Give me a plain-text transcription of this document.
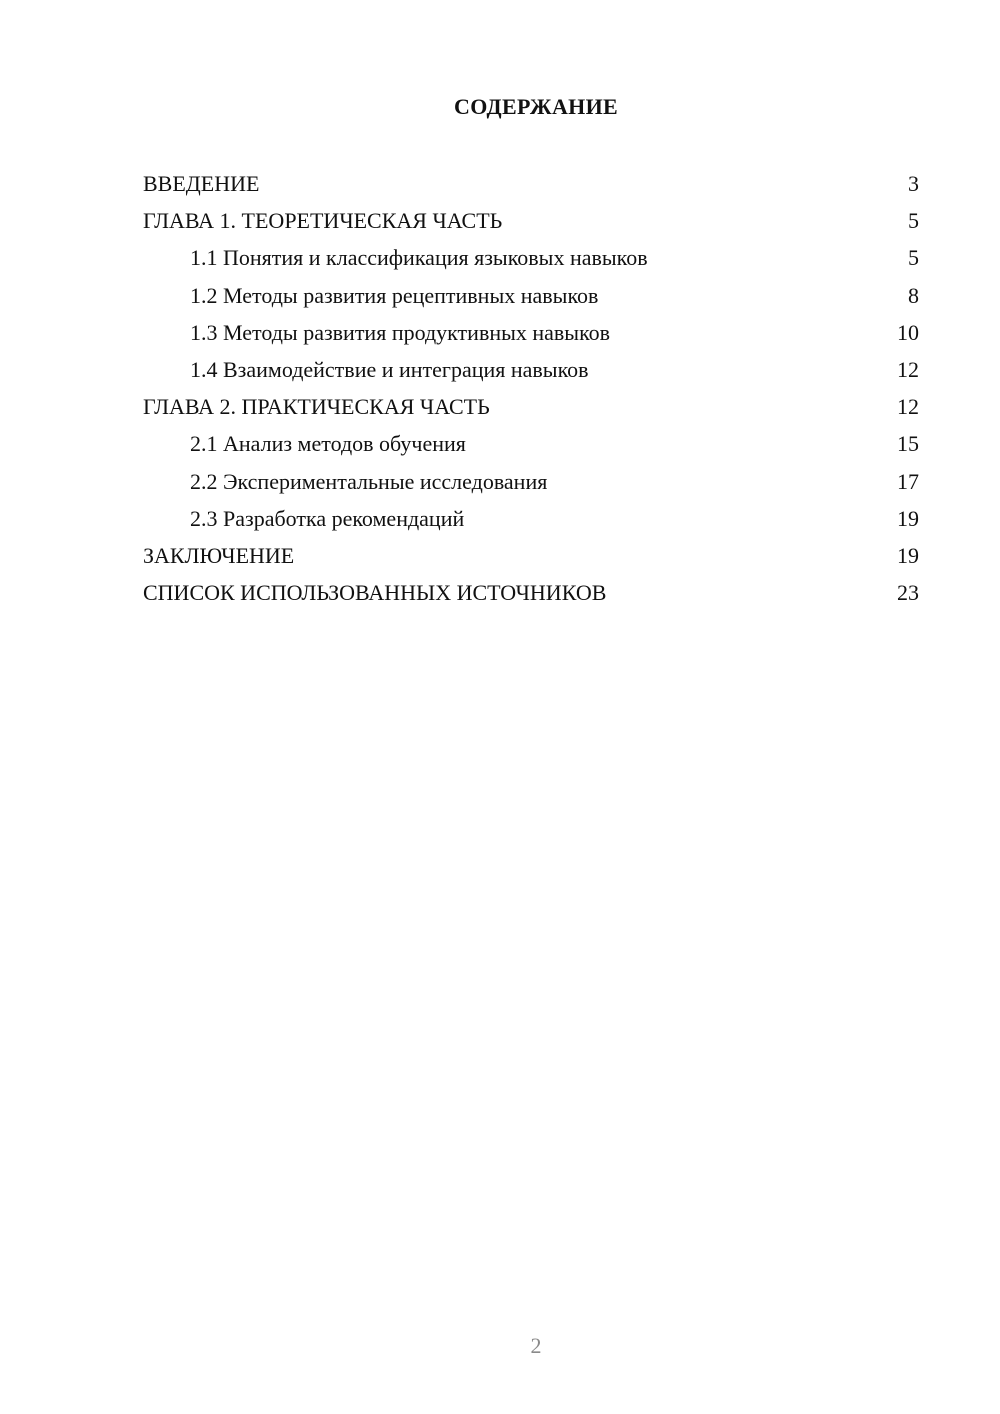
СОДЕРЖАНИЕ
ВВЕДЕНИЕ	3
ГЛАВА 1. ТЕОРЕТИЧЕСКАЯ ЧАСТЬ	5
1.1 Понятия и классификация языковых навыков	5
1.2 Методы развития рецептивных навыков	8
1.3 Методы развития продуктивных навыков	10
1.4 Взаимодействие и интеграция навыков	12
ГЛАВА 2. ПРАКТИЧЕСКАЯ ЧАСТЬ	12
2.1 Анализ методов обучения	15
2.2 Экспериментальные исследования	17
2.3 Разработка рекомендаций	19
ЗАКЛЮЧЕНИЕ	19
СПИСОК ИСПОЛЬЗОВАННЫХ ИСТОЧНИКОВ	23
2
